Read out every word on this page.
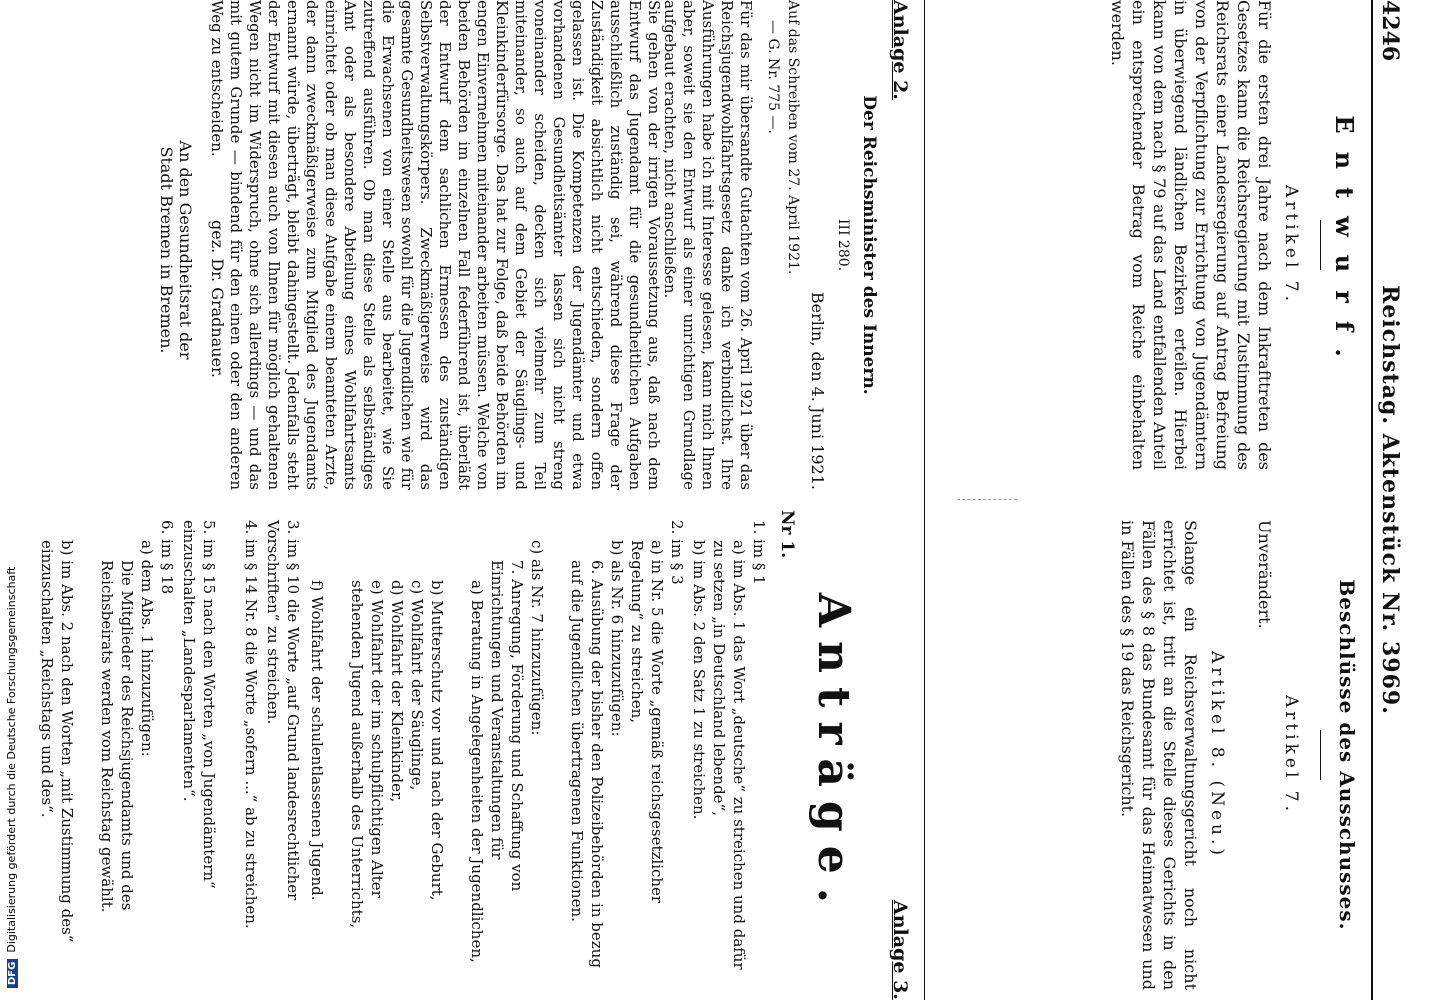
DFGDigitalisierung gefördert durch die Deutsche Forschungsgemeinschaft
4246
Reichstag. Aktenstück Nr. 3969.
Entwurf.
Artikel 7.
Für die ersten drei Jahre nach dem Inkrafttreten des Gesetzes kann die Reichsregierung mit Zustimmung des Reichsrats einer Landesregierung auf Antrag Befreiung von der Verpflichtung zur Errichtung von Jugendämtern in überwiegend ländlichen Bezirken erteilen. Hierbei kann von dem nach § 79 auf das Land entfallenden Anteil ein entsprechender Betrag vom Reiche einbehalten werden.
Beschlüsse des Ausschusses.
Artikel 7.
Unverändert.
Artikel 8. (Neu.)
Solange ein Reichsverwaltungsgericht noch nicht errichtet ist, tritt an die Stelle dieses Gerichts in den Fällen des § 8 das Bundesamt für das Heimatwesen und in Fällen des § 19 das Reichsgericht.
Anlage 2.
Der Reichsminister des Innern.
III 280.
Berlin, den 4. Juni 1921.
Auf das Schreiben vom 27. April 1921.
— G. Nr. 775 —.
Für das mir übersandte Gutachten vom 26. April 1921 über das Reichsjugendwohlfahrtsgesetz danke ich verbindlichst. Ihre Ausführungen habe ich mit Interesse gelesen, kann mich Ihnen aber, soweit sie den Entwurf als einer unrichtigen Grundlage aufgebaut erachten, nicht anschließen.
Sie gehen von der irrigen Voraussetzung aus, daß nach dem Entwurf das Jugendamt für die gesundheitlichen Aufgaben ausschließlich zuständig sei, während diese Frage der Zuständigkeit absichtlich nicht entschieden, sondern offen gelassen ist. Die Kompetenzen der Jugendämter und etwa vorhandenen Gesundheitsämter lassen sich nicht streng voneinander scheiden, decken sich vielmehr zum Teil miteinander, so auch auf dem Gebiet der Säuglings- und Kleinkinderfürsorge. Das hat zur Folge, daß beide Behörden im engen Einvernehmen miteinander arbeiten müssen. Welche von beiden Behörden im einzelnen Fall federführend ist, überläßt der Entwurf dem sachlichen Ermessen des zuständigen Selbstverwaltungskörpers. Zweckmäßigerweise wird das gesamte Gesundheitswesen sowohl für die Jugendlichen wie für die Erwachsenen von einer Stelle aus bearbeitet, wie Sie zutreffend ausführen. Ob man diese Stelle als selbständiges Amt oder als besondere Abteilung eines Wohlfahrtsamts einrichtet oder ob man diese Aufgabe einem beamteten Arzte, der dann zweckmäßigerweise zum Mitglied des Jugendamts ernannt würde, überträgt, bleibt dahingestellt. Jedenfalls steht der Entwurf mit diesen auch von Ihnen für möglich gehaltenen Wegen nicht im Widerspruch, ohne sich allerdings — und das mit gutem Grunde — bindend für den einen oder den anderen Weg zu entscheiden.
gez. Dr. Gradnauer.
An den Gesundheitsrat der Stadt Bremen in Bremen.
Anlage 3.
Anträge.
Nr 1.
1. im § 1
a) im Abs. 1 das Wort „deutsche“ zu streichen und dafür zu setzen „in Deutschland lebende“,
b) im Abs. 2 den Satz 1 zu streichen.
2. im § 3
a) in Nr. 5 die Worte „gemäß reichsgesetzlicher Regelung“ zu streichen,
b) als Nr. 6 hinzuzufügen:
6. Ausübung der bisher den Polizeibehörden in bezug auf die Jugendlichen übertragenen Funktionen.
c) als Nr. 7 hinzuzufügen:
7. Anregung, Förderung und Schaffung von Einrichtungen und Veranstaltungen für
a) Beratung in Angelegenheiten der Jugendlichen,
b) Mutterschutz vor und nach der Geburt,
c) Wohlfahrt der Säuglinge,
d) Wohlfahrt der Kleinkinder,
e) Wohlfahrt der im schulpflichtigen Alter stehenden Jugend außerhalb des Unterrichts,
f) Wohlfahrt der schulentlassenen Jugend.
3. im § 10 die Worte „auf Grund landesrechtlicher Vorschriften“ zu streichen.
4. im § 14 Nr. 8 die Worte „sofern ...“ ab zu streichen.
5. im § 15 nach den Worten „von Jugendämtern“ einzuschalten „Landesparlamenten“.
6. im § 18
a) dem Abs. 1 hinzuzufügen:
Die Mitglieder des Reichsjugendamts und des Reichsbeirats werden vom Reichstag gewählt.
b) im Abs. 2 nach den Worten „mit Zustimmung des“ einzuschalten „Reichstags und des“.
